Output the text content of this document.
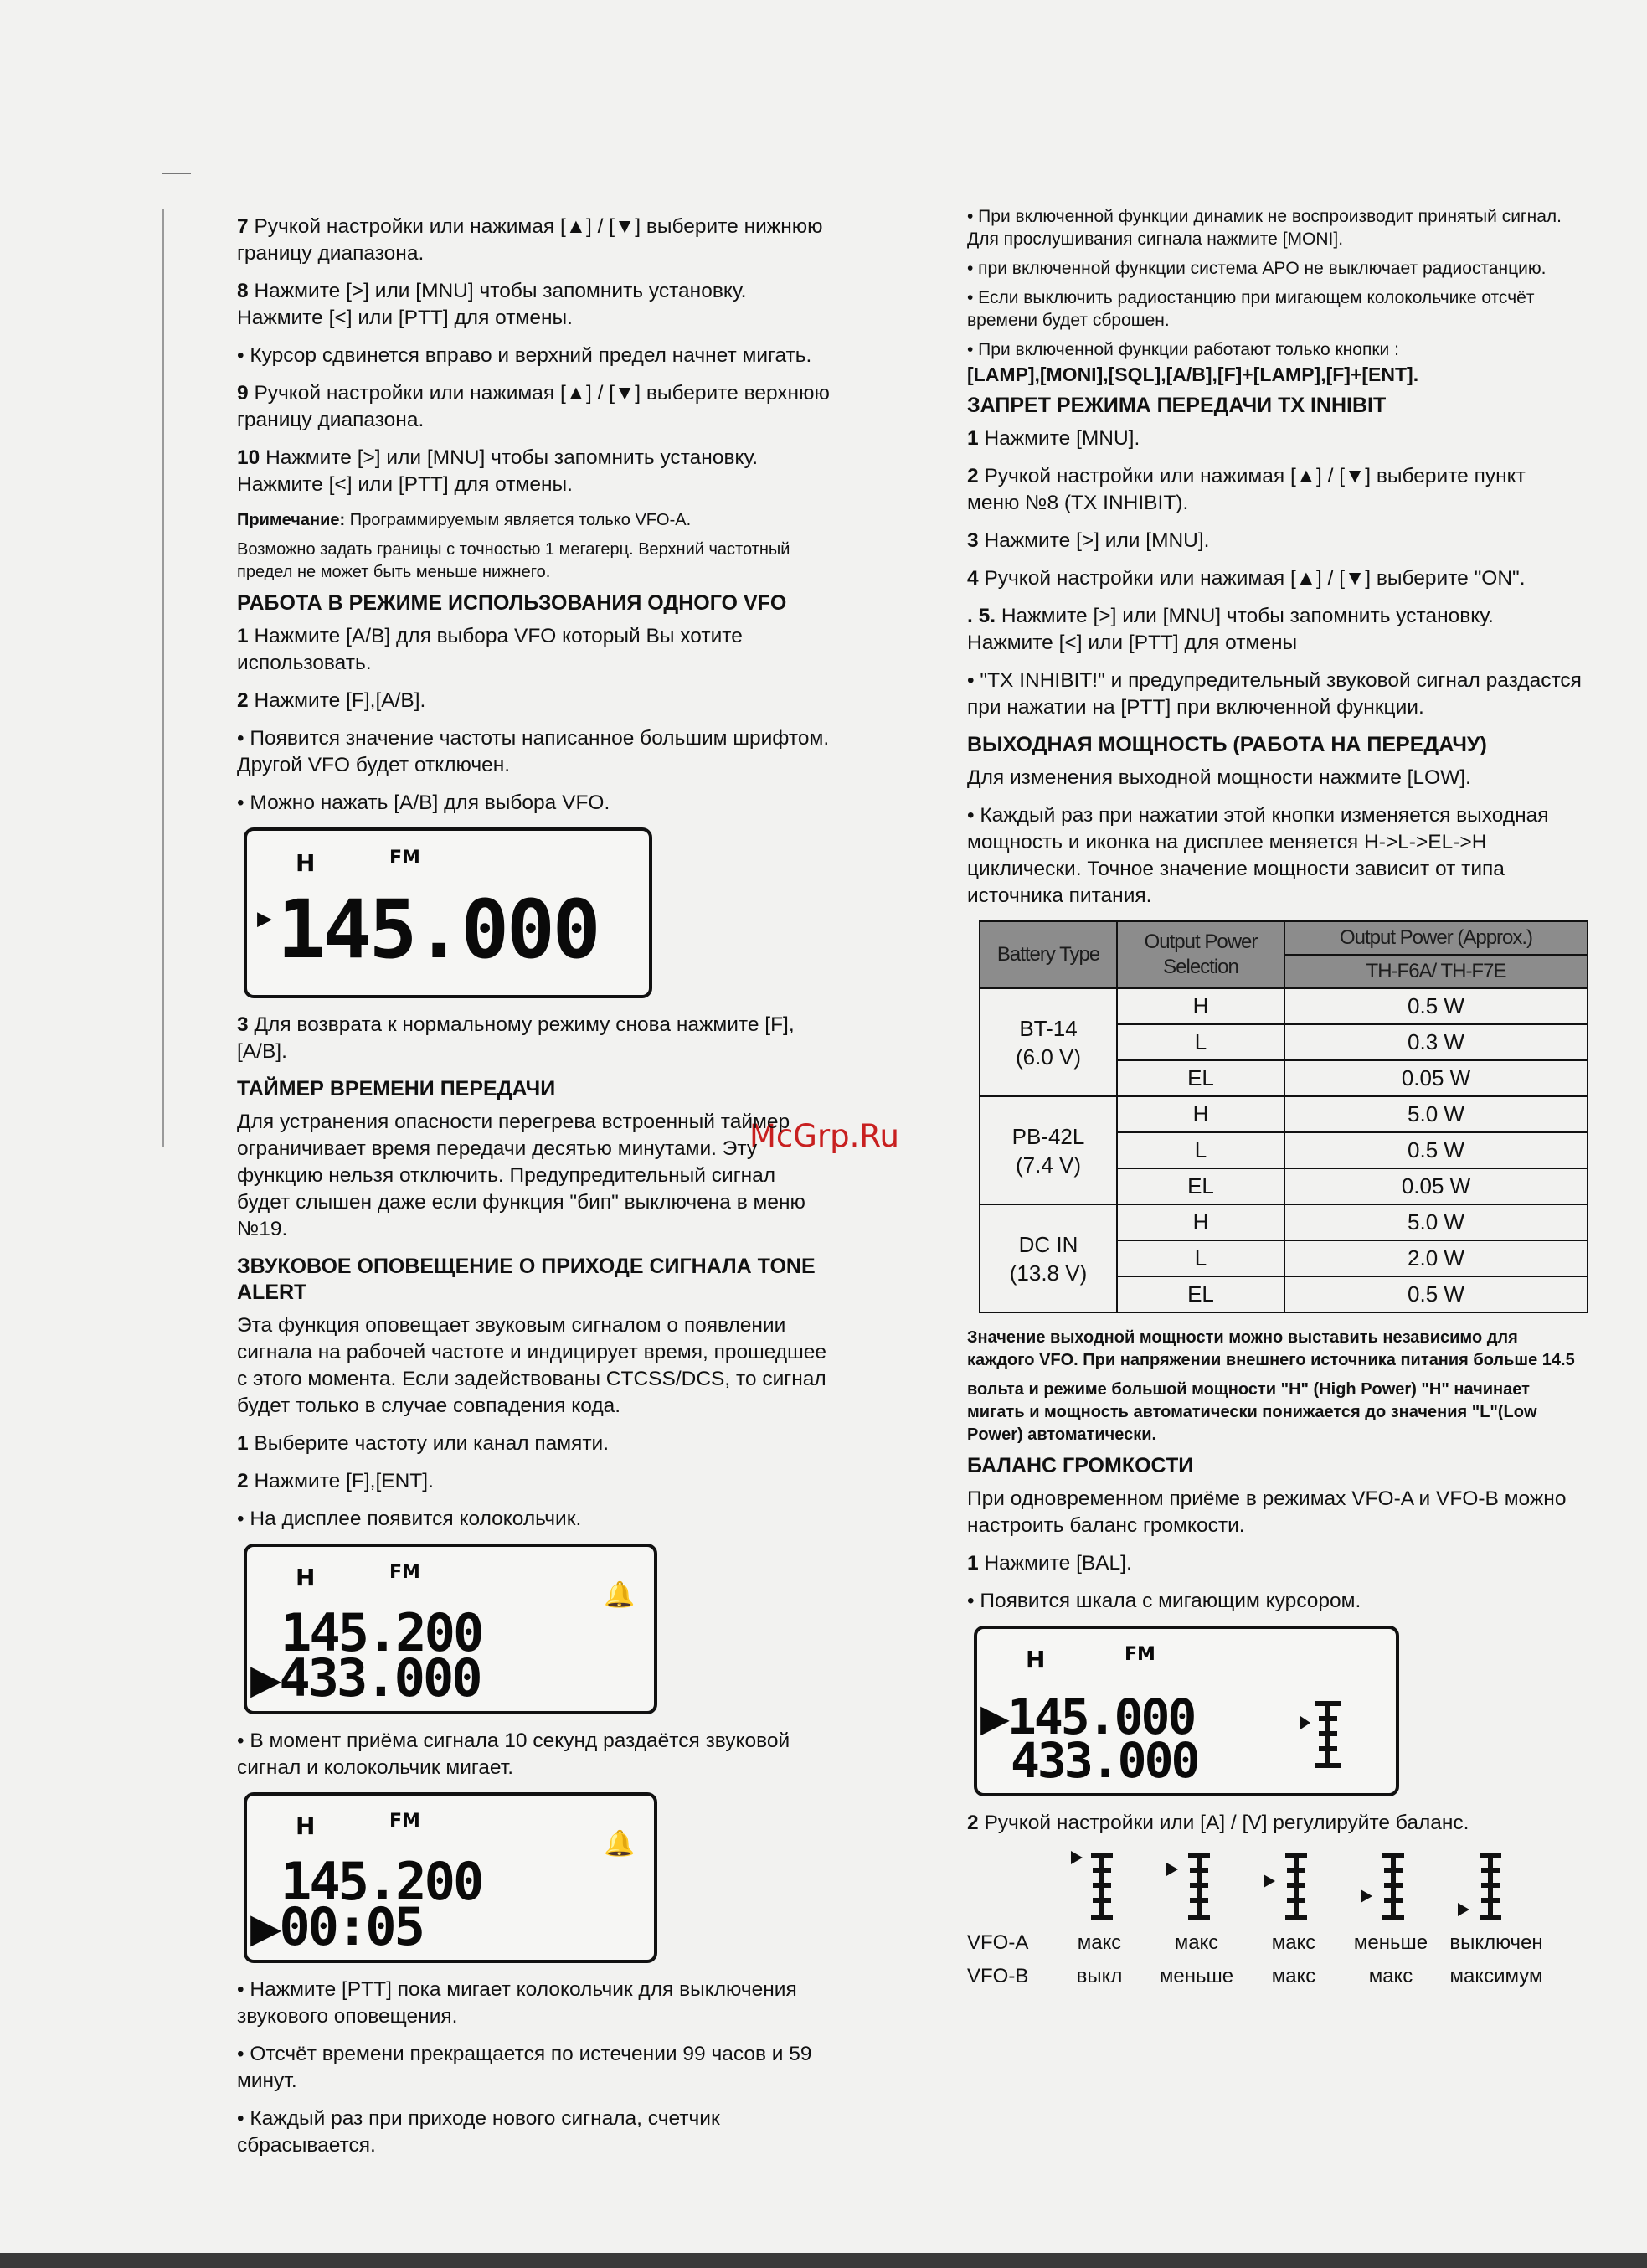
McGrp.Ru

7 Ручкой настройки или нажимая [▲] / [▼] выберите нижнюю границу диапазона.

8 Нажмите [>] или [MNU] чтобы запомнить установку. Нажмите [<] или [PTT] для отмены.

• Курсор сдвинется вправо и верхний предел начнет мигать.

9 Ручкой настройки или нажимая [▲] / [▼] выберите верхнюю границу диапазона.

10 Нажмите [>] или [MNU] чтобы запомнить установку. Нажмите [<] или [PTT] для отмены.

Примечание: Программируемым является только VFO-A.

Возможно задать границы с точностью 1 мегагерц. Верхний частотный предел не может быть меньше нижнего.

РАБОТА В РЕЖИМЕ ИСПОЛЬЗОВАНИЯ ОДНОГО VFO

1 Нажмите [A/B] для выбора VFO который Вы хотите использовать.

2 Нажмите [F],[A/B].

• Появится значение частоты написанное большим шрифтом. Другой VFO будет отключен.

• Можно нажать [A/B] для выбора VFO.

H	FM
▶ 145.000

3 Для возврата к нормальному режиму снова нажмите [F],[A/B].

ТАЙМЕР ВРЕМЕНИ ПЕРЕДАЧИ

Для устранения опасности перегрева встроенный таймер ограничивает время передачи десятью минутами. Эту функцию нельзя отключить. Предупредительный сигнал будет слышен даже если функция "бип" выключена в меню №19.

ЗВУКОВОЕ ОПОВЕЩЕНИЕ О ПРИХОДЕ СИГНАЛА TONE ALERT

Эта функция оповещает звуковым сигналом о появлении сигнала на рабочей частоте и индицирует время, прошедшее с этого момента. Если задействованы CTCSS/DCS, то сигнал будет только в случае совпадения кода.

1 Выберите частоту или канал памяти.

2 Нажмите [F],[ENT].

• На дисплее появится колокольчик.

H	FM
🔔
145.200
▶433.000

• В момент приёма сигнала 10 секунд раздаётся звуковой сигнал и колокольчик мигает.

H	FM
🔔
145.200
▶00:05

• Нажмите [PTT] пока мигает колокольчик для выключения звукового оповещения.

• Отсчёт времени прекращается по истечении 99 часов и 59 минут.

• Каждый раз при приходе нового сигнала, счетчик сбрасывается.

• При включенной функции динамик не воспроизводит принятый сигнал. Для прослушивания сигнала нажмите [MONI].

• при включенной функции система APO не выключает радиостанцию.

• Если выключить радиостанцию при мигающем колокольчике отсчёт времени будет сброшен.

• При включенной функции работают только кнопки :

[LAMP],[MONI],[SQL],[A/B],[F]+[LAMP],[F]+[ENT].

ЗАПРЕТ РЕЖИМА ПЕРЕДАЧИ TX INHIBIT

1 Нажмите [MNU].

2 Ручкой настройки или нажимая [▲] / [▼] выберите пункт меню №8 (TX INHIBIT).

3 Нажмите [>] или [MNU].

4 Ручкой настройки или нажимая [▲] / [▼] выберите "ON".

. 5. Нажмите [>] или [MNU] чтобы запомнить установку. Нажмите [<] или [PTT] для отмены

• "TX INHIBIT!" и предупредительный звуковой сигнал раздастся при нажатии на [PTT] при включенной функции.

ВЫХОДНАЯ МОЩНОСТЬ (РАБОТА НА ПЕРЕДАЧУ)

Для изменения выходной мощности нажмите [LOW].

• Каждый раз при нажатии этой кнопки изменяется выходная мощность и иконка на дисплее меняется H->L->EL->H циклически. Точное значение мощности зависит от типа источника питания.

Battery Type	Output Power Selection	Output Power (Approx.)
		TH-F6A/ TH-F7E
BT-14
(6.0 V)	H	0.5 W
	L	0.3 W
	EL	0.05 W
PB-42L
(7.4 V)	H	5.0 W
	L	0.5 W
	EL	0.05 W
DC IN
(13.8 V)	H	5.0 W
	L	2.0 W
	EL	0.5 W

Значение выходной мощности можно выставить независимо для каждого VFO. При напряжении внешнего источника питания больше 14.5

вольта и режиме большой мощности "H" (High Power) "H" начинает мигать и мощность автоматически понижается до значения "L"(Low Power) автоматически.

БАЛАНС ГРОМКОСТИ

При одновременном приёме в режимах VFO-A и VFO-B можно настроить баланс громкости.

1 Нажмите [BAL].

• Появится шкала с мигающим курсором.

H	FM
▶145.000
433.000

2 Ручкой настройки или [A] / [V] регулируйте баланс.

VFO-A	макс	макс	макс	меньше	выключен
VFO-B	выкл	меньше	макс	макс	максимум
